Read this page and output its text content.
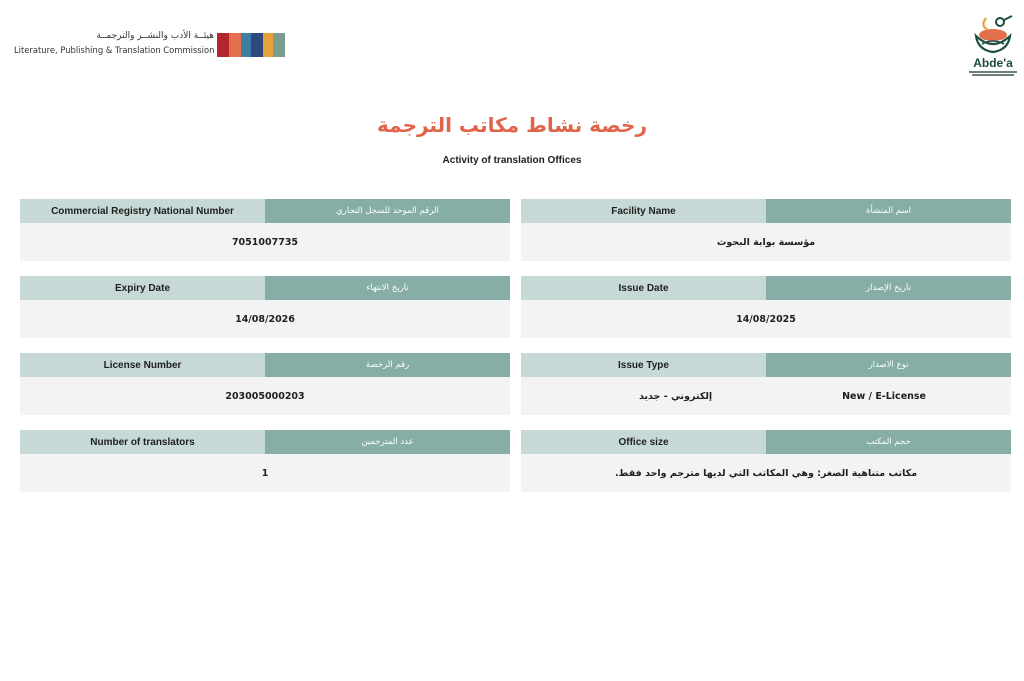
هيئــة الأدب والنشــر والترجمــة
Literature, Publishing & Translation Commission
Abde'a
رخصة نشاط مكاتب الترجمة
Activity of translation Offices
Facility Name	اسم المنشأة
مؤسسة بوابة البحوث
Commercial Registry National Number	الرقم الموحد للسجل التجاري
7051007735
Issue Date	تاريخ الإصدار
14/08/2025
Expiry Date	تاريخ الانتهاء
14/08/2026
Issue Type	نوع الاصدار
إلكتروني - جديد	New / E-License
License Number	رقم الرخصة
203005000203
Office size	حجم المكتب
مكاتب متناهية الصغر: وهي المكاتب التي لديها مترجم واحد فقط.
Number of translators	عدد المترجمين
1
